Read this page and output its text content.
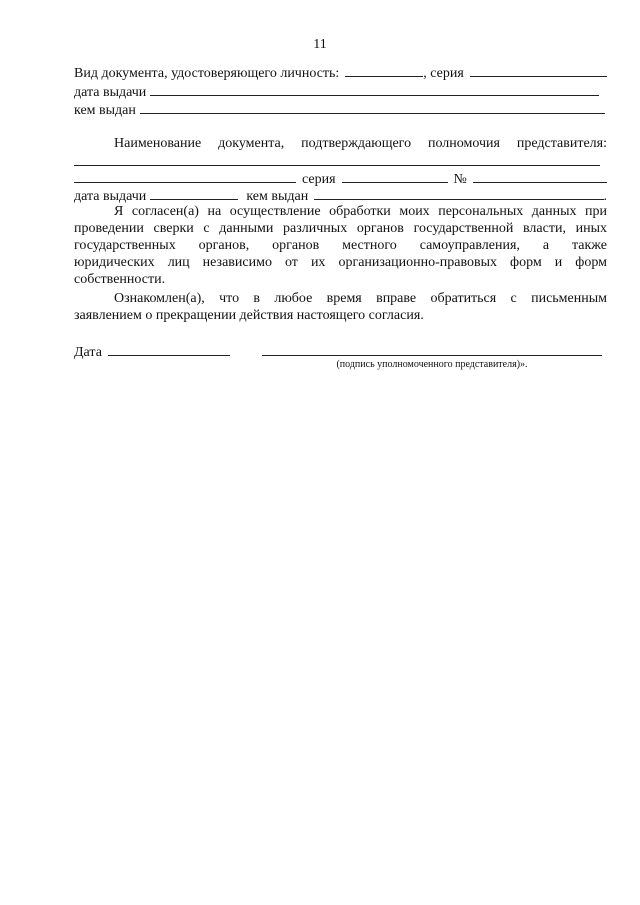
11
Вид документа, удостоверяющего личность:	, серия
дата выдачи
кем выдан
Наименование документа, подтверждающего полномочия представителя:
серия	№
дата выдачи	кем выдан	.
Я согласен(а) на осуществление обработки моих персональных данных при
проведении сверки с данными различных органов государственной власти, иных
государственных органов, органов местного самоуправления, а также
юридических лиц независимо от их организационно-правовых форм и форм
собственности.
Ознакомлен(а), что в любое время вправе обратиться с письменным
заявлением о прекращении действия настоящего согласия.
Дата
(подпись уполномоченного представителя)».
